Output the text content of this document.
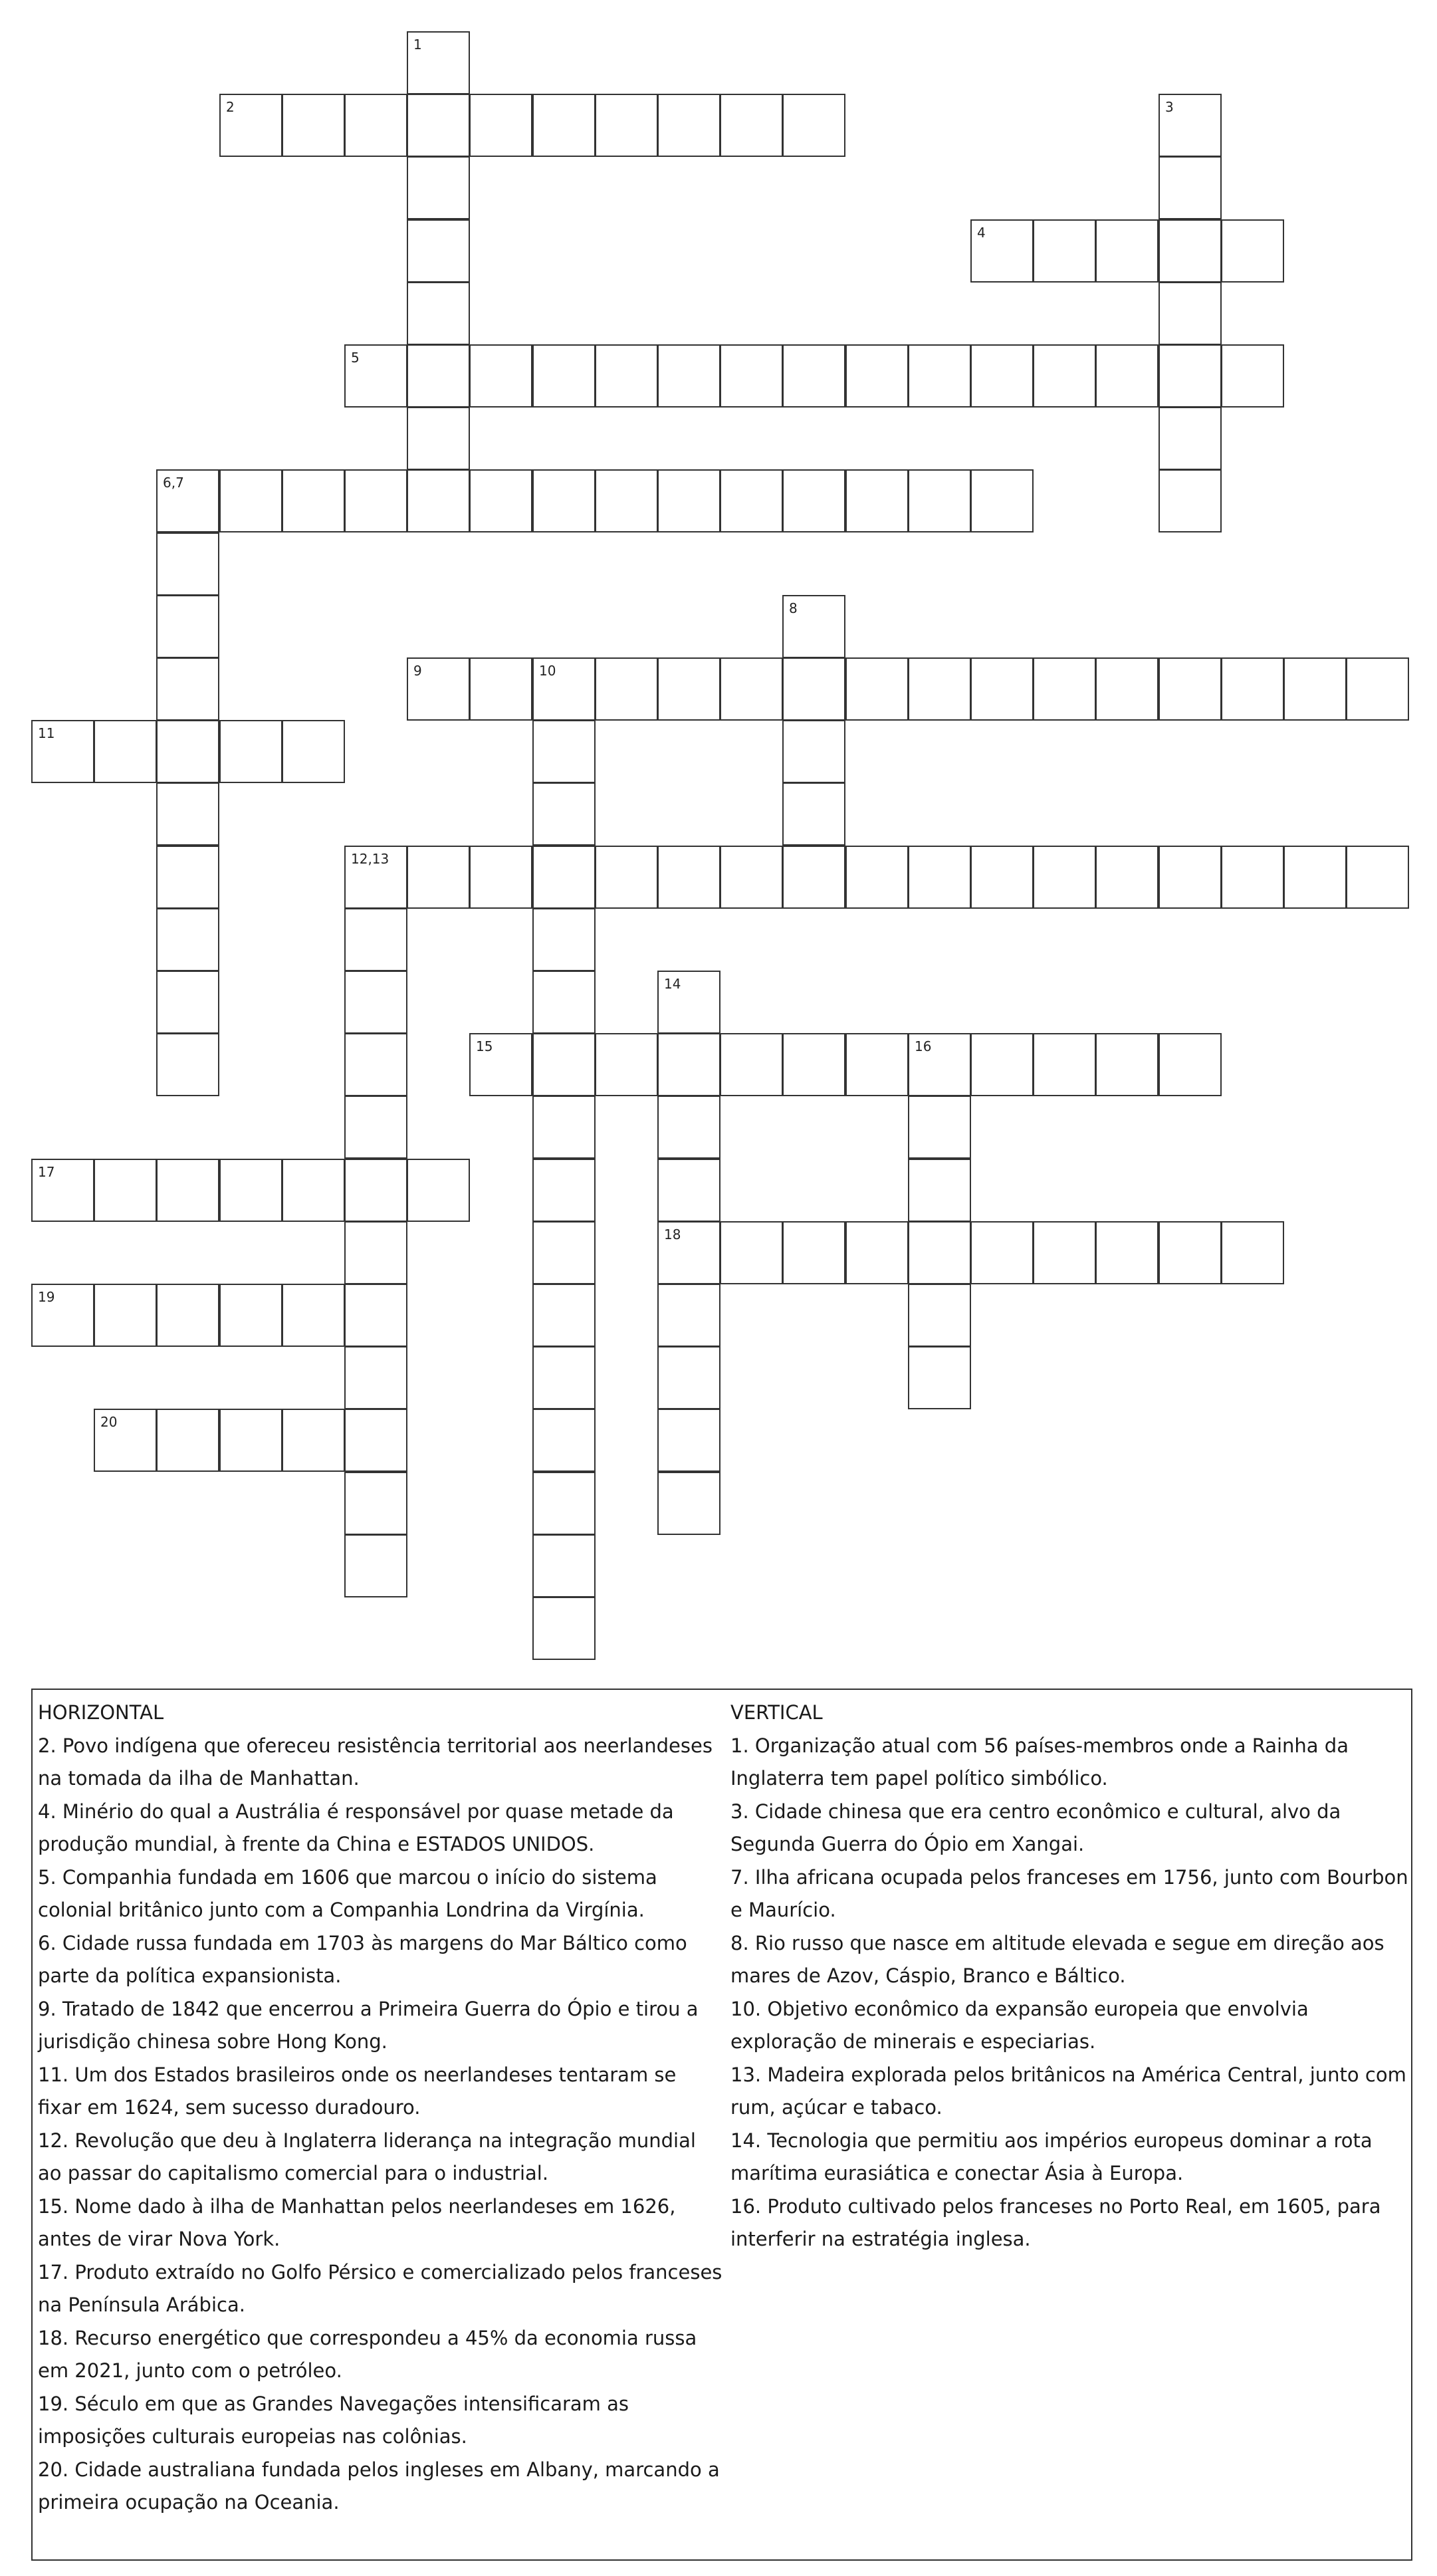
1
2	3
4
5
6,7
8
9	10
11
12,13
14
18
15	16
17
19
20

HORIZONTAL

2. Povo indígena que ofereceu resistência territorial aos neerlandeses na tomada da ilha de Manhattan.

4. Minério do qual a Austrália é responsável por quase metade da produção mundial, à frente da China e ESTADOS UNIDOS.

5. Companhia fundada em 1606 que marcou o início do sistema colonial britânico junto com a Companhia Londrina da Virgínia.

6. Cidade russa fundada em 1703 às margens do Mar Báltico como parte da política expansionista.

9. Tratado de 1842 que encerrou a Primeira Guerra do Ópio e tirou a jurisdição chinesa sobre Hong Kong.

11. Um dos Estados brasileiros onde os neerlandeses tentaram se fixar em 1624, sem sucesso duradouro.

12. Revolução que deu à Inglaterra liderança na integração mundial ao passar do capitalismo comercial para o industrial.

15. Nome dado à ilha de Manhattan pelos neerlandeses em 1626, antes de virar Nova York.

17. Produto extraído no Golfo Pérsico e comercializado pelos franceses na Península Arábica.

18. Recurso energético que correspondeu a 45% da economia russa em 2021, junto com o petróleo.

19. Século em que as Grandes Navegações intensificaram as imposições culturais europeias nas colônias.

20. Cidade australiana fundada pelos ingleses em Albany, marcando a primeira ocupação na Oceania.

VERTICAL

1. Organização atual com 56 países-membros onde a Rainha da Inglaterra tem papel político simbólico.

3. Cidade chinesa que era centro econômico e cultural, alvo da Segunda Guerra do Ópio em Xangai.

7. Ilha africana ocupada pelos franceses em 1756, junto com Bourbon e Maurício.

8. Rio russo que nasce em altitude elevada e segue em direção aos mares de Azov, Cáspio, Branco e Báltico.

10. Objetivo econômico da expansão europeia que envolvia exploração de minerais e especiarias.

13. Madeira explorada pelos britânicos na América Central, junto com rum, açúcar e tabaco.

14. Tecnologia que permitiu aos impérios europeus dominar a rota marítima eurasiática e conectar Ásia à Europa.

16. Produto cultivado pelos franceses no Porto Real, em 1605, para interferir na estratégia inglesa.
